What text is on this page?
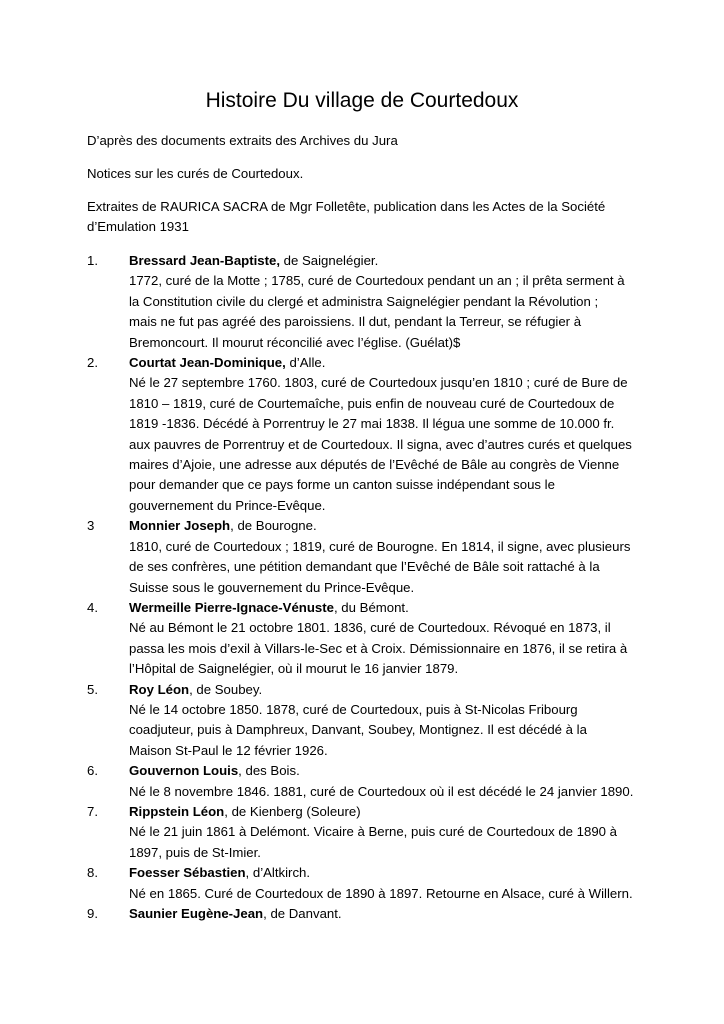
Histoire Du village de Courtedoux
D’après des documents extraits des Archives du Jura
Notices sur les curés de Courtedoux.
Extraites de RAURICA SACRA de Mgr Folletête, publication dans les Actes de la Société d’Emulation 1931
1. Bressard Jean-Baptiste, de Saignelégier.
1772, curé de la Motte ; 1785, curé de Courtedoux pendant un an ; il prêta serment à
la Constitution civile du clergé et administra Saignelégier pendant la Révolution ;
mais ne fut pas agréé des paroissiens. Il dut, pendant la Terreur, se réfugier à
Bremoncourt. Il mourut réconcilié avec l’église. (Guélat)$
2. Courtat Jean-Dominique, d’Alle.
Né le 27 septembre 1760. 1803, curé de Courtedoux jusqu’en 1810 ; curé de Bure de
1810 – 1819, curé de Courtemaîche, puis enfin de nouveau curé de Courtedoux de
1819 -1836. Décédé à Porrentruy le 27 mai 1838. Il légua une somme de 10.000 fr.
aux pauvres de Porrentruy et de Courtedoux. Il signa, avec d’autres curés et quelques
maires d’Ajoie, une adresse aux députés de l’Evêché de Bâle au congrès de Vienne
pour demander que ce pays forme un canton suisse indépendant sous le
gouvernement du Prince-Evêque.
3	Monnier Joseph, de Bourogne.
1810, curé de Courtedoux ; 1819, curé de Bourogne. En 1814, il signe, avec plusieurs
de ses confrères, une pétition demandant que l’Evêché de Bâle soit rattaché à la
Suisse sous le gouvernement du Prince-Evêque.
4. Wermeille Pierre-Ignace-Vénuste, du Bémont.
Né au Bémont le 21 octobre 1801. 1836, curé de Courtedoux. Révoqué en 1873, il
passa les mois d’exil à Villars-le-Sec et à Croix. Démissionnaire en 1876, il se retira à
l’Hôpital de Saignelégier, où il mourut le 16 janvier 1879.
5. Roy Léon, de Soubey.
Né le 14 octobre 1850. 1878, curé de Courtedoux, puis à St-Nicolas Fribourg
coadjuteur, puis à Damphreux, Danvant, Soubey, Montignez. Il est décédé à la
Maison St-Paul le 12 février 1926.
6. Gouvernon Louis, des Bois.
Né le 8 novembre 1846. 1881, curé de Courtedoux où il est décédé le 24 janvier 1890.
7. Rippstein Léon, de Kienberg (Soleure)
Né le 21 juin 1861 à Delémont. Vicaire à Berne, puis curé de Courtedoux de 1890 à
1897, puis de St-Imier.
8. Foesser Sébastien, d’Altkirch.
Né en 1865. Curé de Courtedoux de 1890 à 1897. Retourne en Alsace, curé à Willern.
9. Saunier Eugène-Jean, de Danvant.
